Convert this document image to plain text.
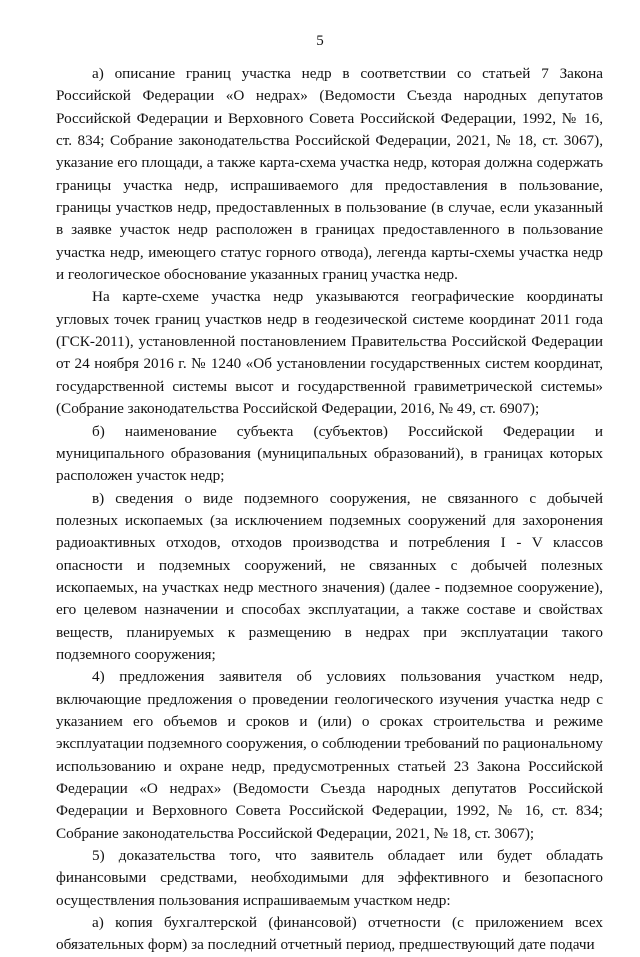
5

а) описание границ участка недр в соответствии со статьей 7 Закона Российской Федерации «О недрах» (Ведомости Съезда народных депутатов Российской Федерации и Верховного Совета Российской Федерации, 1992, № 16, ст. 834; Собрание законодательства Российской Федерации, 2021, № 18, ст. 3067), указание его площади, а также карта-схема участка недр, которая должна содержать границы участка недр, испрашиваемого для предоставления в пользование, границы участков недр, предоставленных в пользование (в случае, если указанный в заявке участок недр расположен в границах предоставленного в пользование участка недр, имеющего статус горного отвода), легенда карты-схемы участка недр и геологическое обоснование указанных границ участка недр.

На карте-схеме участка недр указываются географические координаты угловых точек границ участков недр в геодезической системе координат 2011 года (ГСК-2011), установленной постановлением Правительства Российской Федерации от 24 ноября 2016 г. № 1240 «Об установлении государственных систем координат, государственной системы высот и государственной гравиметрической системы» (Собрание законодательства Российской Федерации, 2016, № 49, ст. 6907);

б) наименование субъекта (субъектов) Российской Федерации и муниципального образования (муниципальных образований), в границах которых расположен участок недр;

в) сведения о виде подземного сооружения, не связанного с добычей полезных ископаемых (за исключением подземных сооружений для захоронения радиоактивных отходов, отходов производства и потребления I - V классов опасности и подземных сооружений, не связанных с добычей полезных ископаемых, на участках недр местного значения) (далее - подземное сооружение), его целевом назначении и способах эксплуатации, а также составе и свойствах веществ, планируемых к размещению в недрах при эксплуатации такого подземного сооружения;

4) предложения заявителя об условиях пользования участком недр, включающие предложения о проведении геологического изучения участка недр с указанием его объемов и сроков и (или) о сроках строительства и режиме эксплуатации подземного сооружения, о соблюдении требований по рациональному использованию и охране недр, предусмотренных статьей 23 Закона Российской Федерации «О недрах» (Ведомости Съезда народных депутатов Российской Федерации и Верховного Совета Российской Федерации, 1992, № 16, ст. 834; Собрание законодательства Российской Федерации, 2021, № 18, ст. 3067);

5) доказательства того, что заявитель обладает или будет обладать финансовыми средствами, необходимыми для эффективного и безопасного осуществления пользования испрашиваемым участком недр:

а) копия бухгалтерской (финансовой) отчетности (с приложением всех обязательных форм) за последний отчетный период, предшествующий дате подачи
